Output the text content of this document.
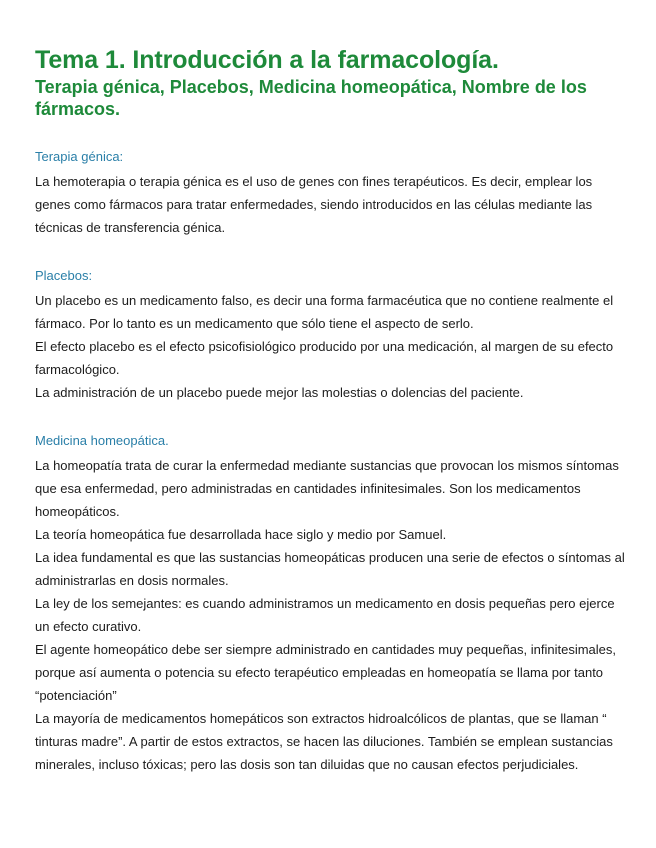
Tema 1. Introducción a la farmacología.
Terapia génica, Placebos, Medicina homeopática, Nombre de los fármacos.
Terapia génica:

La hemoterapia o terapia génica es el uso de genes con fines terapéuticos. Es decir, emplear los genes como fármacos para tratar enfermedades, siendo introducidos en las células mediante las técnicas de transferencia génica.

Placebos:

Un placebo es un medicamento falso, es decir una forma farmacéutica que no contiene realmente el fármaco. Por lo tanto es un medicamento que sólo tiene el aspecto de serlo.

El efecto placebo es el efecto psicofisiológico producido por una medicación, al margen de su efecto farmacológico.

La administración de un placebo puede mejor las molestias o dolencias del paciente.

Medicina homeopática.

La homeopatía trata de curar la enfermedad mediante sustancias que provocan los mismos síntomas que esa enfermedad, pero administradas en cantidades infinitesimales. Son los medicamentos homeopáticos.

La teoría homeopática fue desarrollada hace siglo y medio por Samuel.

La idea fundamental es que las sustancias homeopáticas producen una serie de efectos o síntomas al administrarlas en dosis normales.

La ley de los semejantes: es cuando administramos un medicamento en dosis pequeñas pero ejerce un efecto curativo.

El agente homeopático debe ser siempre administrado en cantidades muy pequeñas, infinitesimales, porque así aumenta o potencia su efecto terapéutico empleadas en homeopatía se llama por tanto “potenciación”

La mayoría de medicamentos homepáticos son extractos hidroalcólicos de plantas, que se llaman “ tinturas madre”. A partir de estos extractos, se hacen las diluciones. También se emplean sustancias minerales, incluso tóxicas; pero las dosis son tan diluidas que no causan efectos perjudiciales.
